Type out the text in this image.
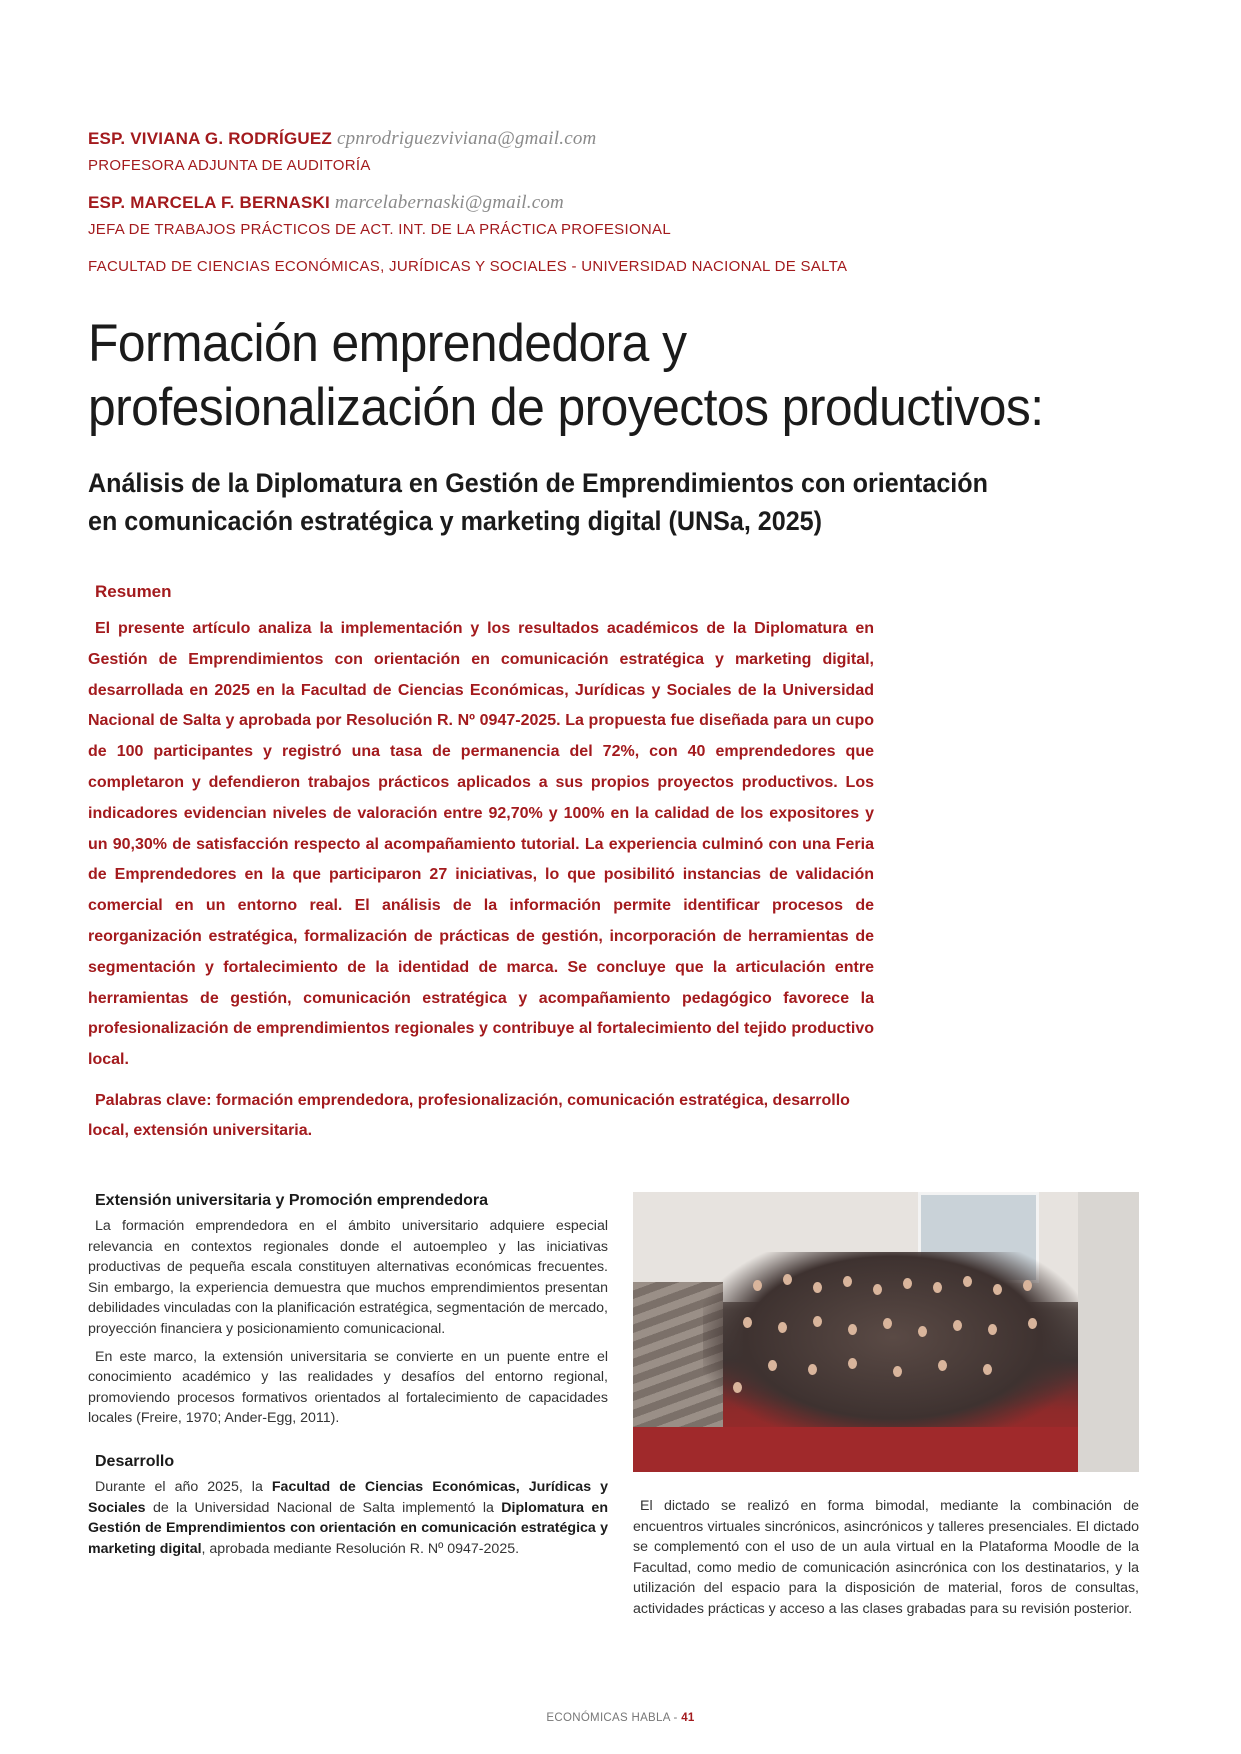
ESP. VIVIANA G. RODRÍGUEZ cpnrodriguezviviana@gmail.com
PROFESORA ADJUNTA DE AUDITORÍA
ESP. MARCELA F. BERNASKI marcelabernaski@gmail.com
JEFA DE TRABAJOS PRÁCTICOS DE ACT. INT. DE LA PRÁCTICA PROFESIONAL
FACULTAD DE CIENCIAS ECONÓMICAS, JURÍDICAS Y SOCIALES - UNIVERSIDAD NACIONAL DE SALTA
Formación emprendedora y
profesionalización de proyectos productivos:
Análisis de la Diplomatura en Gestión de Emprendimientos con orientación
en comunicación estratégica y marketing digital (UNSa, 2025)
Resumen
El presente artículo analiza la implementación y los resultados académicos de la Diplomatura en Gestión de Emprendimientos con orientación en comunicación estratégica y marketing digital, desarrollada en 2025 en la Facultad de Ciencias Económicas, Jurídicas y Sociales de la Universidad Nacional de Salta y aprobada por Resolución R. Nº 0947-2025. La propuesta fue diseñada para un cupo de 100 participantes y registró una tasa de permanencia del 72%, con 40 emprendedores que completaron y defendieron trabajos prácticos aplicados a sus propios proyectos productivos. Los indicadores evidencian niveles de valoración entre 92,70% y 100% en la calidad de los expositores y un 90,30% de satisfacción respecto al acompañamiento tutorial. La experiencia culminó con una Feria de Emprendedores en la que participaron 27 iniciativas, lo que posibilitó instancias de validación comercial en un entorno real. El análisis de la información permite identificar procesos de reorganización estratégica, formalización de prácticas de gestión, incorporación de herramientas de segmentación y fortalecimiento de la identidad de marca. Se concluye que la articulación entre herramientas de gestión, comunicación estratégica y acompañamiento pedagógico favorece la profesionalización de emprendimientos regionales y contribuye al fortalecimiento del tejido productivo local.
Palabras clave: formación emprendedora, profesionalización, comunicación estratégica, desarrollo local, extensión universitaria.
Extensión universitaria y Promoción emprendedora

La formación emprendedora en el ámbito universitario adquiere especial relevancia en contextos regionales donde el autoempleo y las iniciativas productivas de pequeña escala constituyen alternativas económicas frecuentes. Sin embargo, la experiencia demuestra que muchos emprendimientos presentan debilidades vinculadas con la planificación estratégica, segmentación de mercado, proyección financiera y posicionamiento comunicacional.

En este marco, la extensión universitaria se convierte en un puente entre el conocimiento académico y las realidades y desafíos del entorno regional, promoviendo procesos formativos orientados al fortalecimiento de capacidades locales (Freire, 1970; Ander-Egg, 2011).

Desarrollo

Durante el año 2025, la Facultad de Ciencias Económicas, Jurídicas y Sociales de la Universidad Nacional de Salta implementó la Diplomatura en Gestión de Emprendimientos con orientación en comunicación estratégica y marketing digital, aprobada mediante Resolución R. Nº 0947-2025.

El dictado se realizó en forma bimodal, mediante la combinación de encuentros virtuales sincrónicos, asincrónicos y talleres presenciales. El dictado se complementó con el uso de un aula virtual en la Plataforma Moodle de la Facultad, como medio de comunicación asincrónica con los destinatarios, y la utilización del espacio para la disposición de material, foros de consultas, actividades prácticas y acceso a las clases grabadas para su revisión posterior.

ECONÓMICAS HABLA - 41
